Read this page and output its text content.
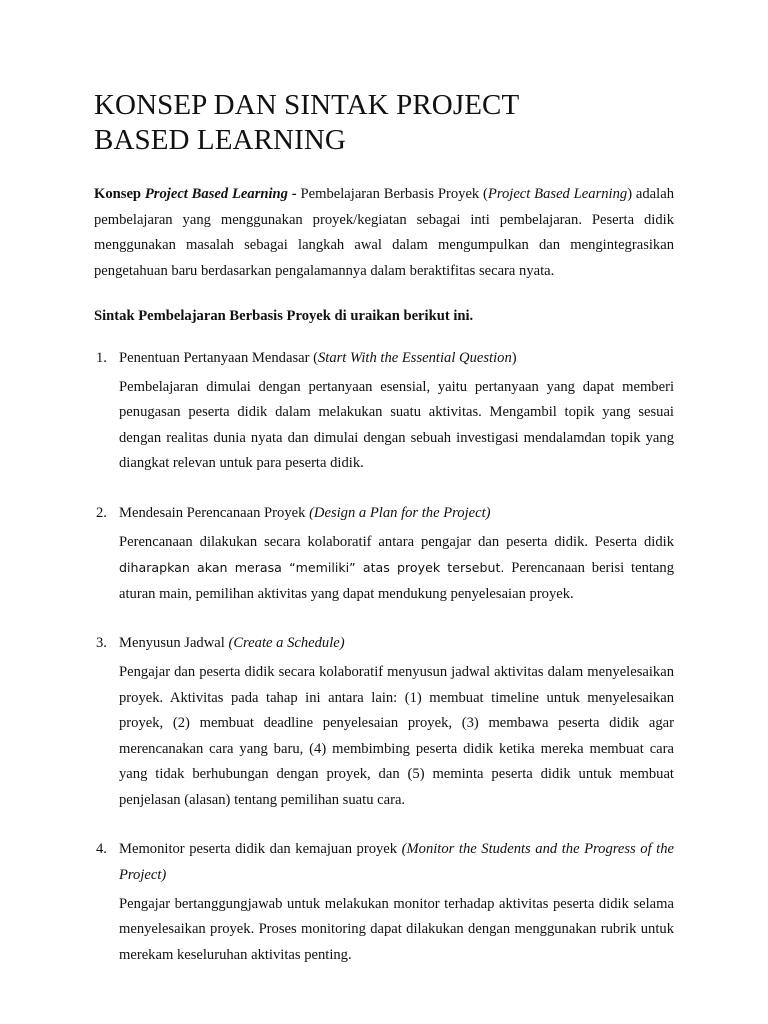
KONSEP DAN SINTAK PROJECT
BASED LEARNING

Konsep Project Based Learning - Pembelajaran Berbasis Proyek (Project Based Learning) adalah pembelajaran yang menggunakan proyek/kegiatan sebagai inti pembelajaran. Peserta didik menggunakan masalah sebagai langkah awal dalam mengumpulkan dan mengintegrasikan pengetahuan baru berdasarkan pengalamannya dalam beraktifitas secara nyata.

Sintak Pembelajaran Berbasis Proyek di uraikan berikut ini.
1. Penentuan Pertanyaan Mendasar (Start With the Essential Question)
Pembelajaran dimulai dengan pertanyaan esensial, yaitu pertanyaan yang dapat memberi penugasan peserta didik dalam melakukan suatu aktivitas. Mengambil topik yang sesuai dengan realitas dunia nyata dan dimulai dengan sebuah investigasi mendalamdan topik yang diangkat relevan untuk para peserta didik.
2. Mendesain Perencanaan Proyek (Design a Plan for the Project)
Perencanaan dilakukan secara kolaboratif antara pengajar dan peserta didik. Peserta didik diharapkan akan merasa “memiliki” atas proyek tersebut. Perencanaan berisi tentang aturan main, pemilihan aktivitas yang dapat mendukung penyelesaian proyek.
3. Menyusun Jadwal (Create a Schedule)
Pengajar dan peserta didik secara kolaboratif menyusun jadwal aktivitas dalam menyelesaikan proyek. Aktivitas pada tahap ini antara lain: (1) membuat timeline untuk menyelesaikan proyek, (2) membuat deadline penyelesaian proyek, (3) membawa peserta didik agar merencanakan cara yang baru, (4) membimbing peserta didik ketika mereka membuat cara yang tidak berhubungan dengan proyek, dan (5) meminta peserta didik untuk membuat penjelasan (alasan) tentang pemilihan suatu cara.
4. Memonitor peserta didik dan kemajuan proyek (Monitor the Students and the Progress of the Project)
Pengajar bertanggungjawab untuk melakukan monitor terhadap aktivitas peserta didik selama menyelesaikan proyek. Proses monitoring dapat dilakukan dengan menggunakan rubrik untuk merekam keseluruhan aktivitas penting.
